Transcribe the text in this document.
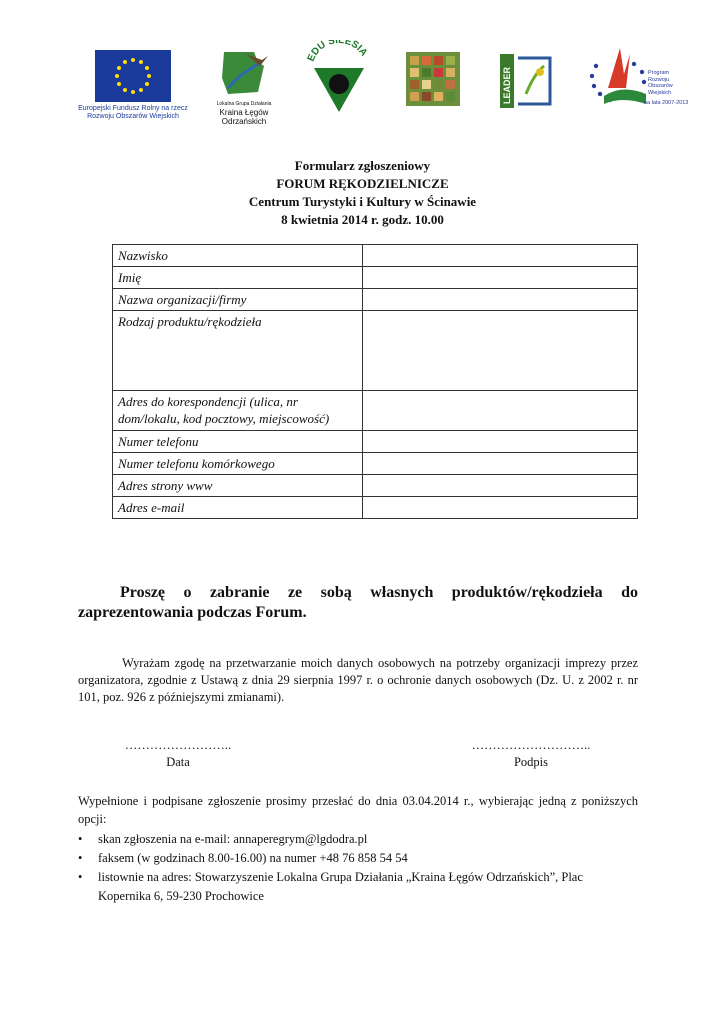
Europejski Fundusz Rolny na rzecz
Rozwoju Obszarów Wiejskich
Lokalna Grupa Działania
Kraina Łęgów
Odrzańskich
EDU SILESIA
LEADER	Program
Rozwoju
Obszarów
Wiejskich
na lata 2007-2013
Formularz zgłoszeniowy
FORUM RĘKODZIELNICZE
Centrum Turystyki i Kultury w Ścinawie
8 kwietnia 2014 r. godz. 10.00
Nazwisko	
Imię	
Nazwa organizacji/firmy	
Rodzaj produktu/rękodzieła	

Adres do korespondencji (ulica, nr
dom/lokalu, kod pocztowy, miejscowość)	

Numer telefonu	
Numer telefonu komórkowego	
Adres strony www	
Adres e-mail	
Proszę o zabranie ze sobą własnych produktów/rękodzieła do
zaprezentowania podczas Forum.
Wyrażam zgodę na przetwarzanie moich danych osobowych na potrzeby organizacji imprezy przez organizatora, zgodnie z Ustawą z dnia 29 sierpnia 1997 r. o ochronie danych osobowych (Dz. U. z 2002 r. nr 101, poz. 926 z późniejszymi zmianami).
……………………..
Data
………………………..
Podpis
Wypełnione i podpisane zgłoszenie prosimy przesłać do dnia 03.04.2014 r., wybierając jedną z poniższych opcji:
• skan zgłoszenia na e-mail: annaperegrym@lgdodra.pl
• faksem (w godzinach 8.00-16.00) na numer +48 76 858 54 54
• listownie na adres: Stowarzyszenie Lokalna Grupa Działania „Kraina Łęgów Odrzańskich”, Plac Kopernika 6, 59-230 Prochowice
